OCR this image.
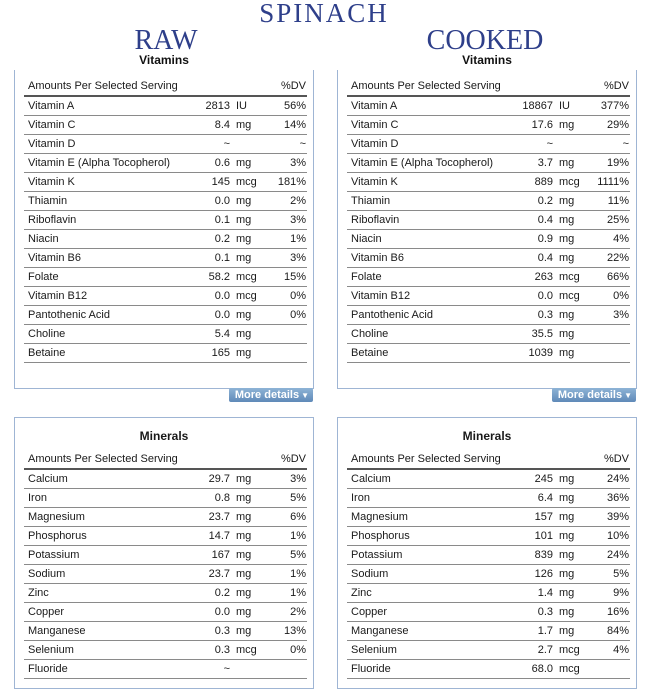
SPINACH
RAW
Vitamins
Amounts Per Selected Serving			%DV
Vitamin A	2813	IU	56%
Vitamin C	8.4	mg	14%
Vitamin D	~		~
Vitamin E (Alpha Tocopherol)	0.6	mg	3%
Vitamin K	145	mcg	181%
Thiamin	0.0	mg	2%
Riboflavin	0.1	mg	3%
Niacin	0.2	mg	1%
Vitamin B6	0.1	mg	3%
Folate	58.2	mcg	15%
Vitamin B12	0.0	mcg	0%
Pantothenic Acid	0.0	mg	0%
Choline	5.4	mg	
Betaine	165	mg	
More details ▼
Minerals
Amounts Per Selected Serving			%DV
Calcium	29.7	mg	3%
Iron	0.8	mg	5%
Magnesium	23.7	mg	6%
Phosphorus	14.7	mg	1%
Potassium	167	mg	5%
Sodium	23.7	mg	1%
Zinc	0.2	mg	1%
Copper	0.0	mg	2%
Manganese	0.3	mg	13%
Selenium	0.3	mcg	0%
Fluoride	~		
COOKED
Vitamins
Amounts Per Selected Serving			%DV
Vitamin A	18867	IU	377%
Vitamin C	17.6	mg	29%
Vitamin D	~		~
Vitamin E (Alpha Tocopherol)	3.7	mg	19%
Vitamin K	889	mcg	1111%
Thiamin	0.2	mg	11%
Riboflavin	0.4	mg	25%
Niacin	0.9	mg	4%
Vitamin B6	0.4	mg	22%
Folate	263	mcg	66%
Vitamin B12	0.0	mcg	0%
Pantothenic Acid	0.3	mg	3%
Choline	35.5	mg	
Betaine	1039	mg	
More details ▼
Minerals
Amounts Per Selected Serving			%DV
Calcium	245	mg	24%
Iron	6.4	mg	36%
Magnesium	157	mg	39%
Phosphorus	101	mg	10%
Potassium	839	mg	24%
Sodium	126	mg	5%
Zinc	1.4	mg	9%
Copper	0.3	mg	16%
Manganese	1.7	mg	84%
Selenium	2.7	mcg	4%
Fluoride	68.0	mcg	
